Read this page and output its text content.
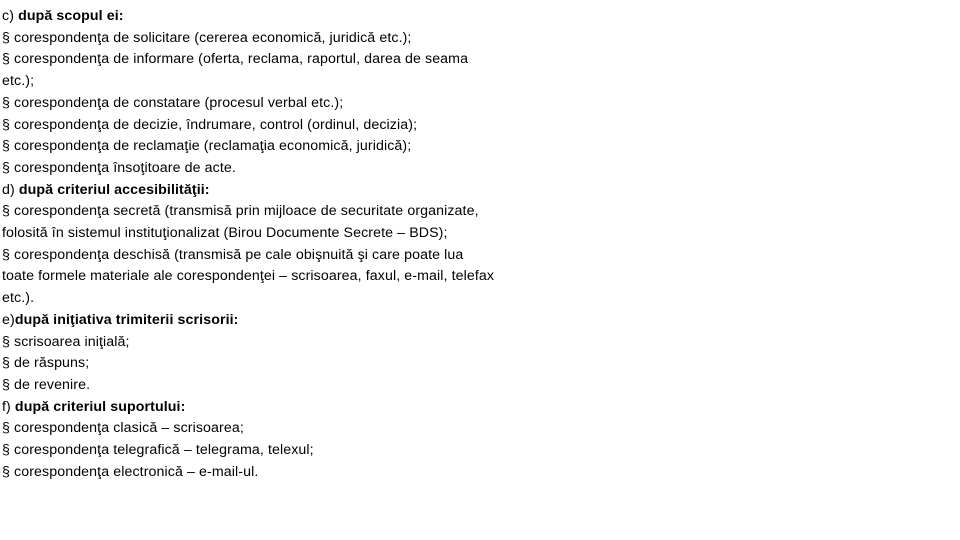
c) după scopul ei:
§ corespondenţa de solicitare (cererea economică, juridică etc.);
§ corespondenţa de informare (oferta, reclama, raportul, darea de seama
etc.);
§ corespondenţa de constatare (procesul verbal etc.);
§ corespondenţa de decizie, îndrumare, control (ordinul, decizia);
§ corespondenţa de reclamaţie (reclamaţia economică, juridică);
§ corespondenţa însoţitoare de acte.
d) după criteriul accesibilităţii:
§ corespondenţa secretă (transmisă prin mijloace de securitate organizate,
folosită în sistemul instituţionalizat (Birou Documente Secrete – BDS);
§ corespondenţa deschisă (transmisă pe cale obişnuită şi care poate lua
toate formele materiale ale corespondenţei – scrisoarea, faxul, e-mail, telefax
etc.).
e)după iniţiativa trimiterii scrisorii:
§ scrisoarea iniţială;
§ de răspuns;
§ de revenire.
f) după criteriul suportului:
§ corespondenţa clasică – scrisoarea;
§ corespondenţa telegrafică – telegrama, telexul;
§ corespondenţa electronică – e-mail-ul.
